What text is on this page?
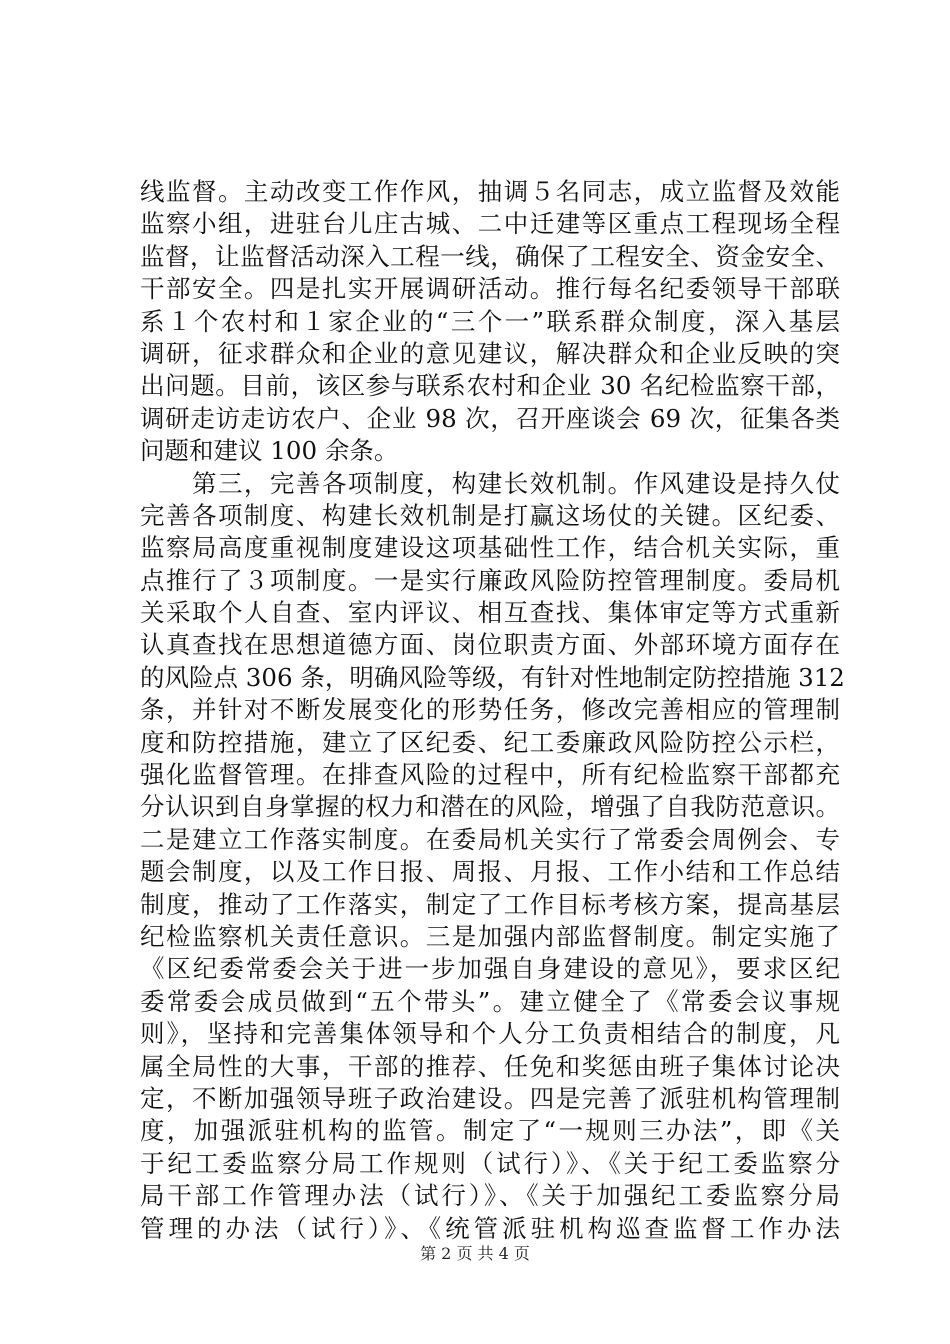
线监督。主动改变工作作风，抽调５名同志，成立监督及效能
监察小组，进驻台儿庄古城、二中迁建等区重点工程现场全程
监督，让监督活动深入工程一线，确保了工程安全、资金安全、
干部安全。四是扎实开展调研活动。推行每名纪委领导干部联
系１个农村和１家企业的“三个一”联系群众制度，深入基层
调研，征求群众和企业的意见建议，解决群众和企业反映的突
出问题。目前，该区参与联系农村和企业 30 名纪检监察干部，
调研走访走访农户、企业 98 次，召开座谈会 69 次，征集各类
问题和建议 100 余条。
　　第三，完善各项制度，构建长效机制。作风建设是持久仗
完善各项制度、构建长效机制是打赢这场仗的关键。区纪委、
监察局高度重视制度建设这项基础性工作，结合机关实际，重
点推行了３项制度。一是实行廉政风险防控管理制度。委局机
关采取个人自查、室内评议、相互查找、集体审定等方式重新
认真查找在思想道德方面、岗位职责方面、外部环境方面存在
的风险点 306 条，明确风险等级，有针对性地制定防控措施 312
条，并针对不断发展变化的形势任务，修改完善相应的管理制
度和防控措施，建立了区纪委、纪工委廉政风险防控公示栏，
强化监督管理。在排查风险的过程中，所有纪检监察干部都充
分认识到自身掌握的权力和潜在的风险，增强了自我防范意识。
二是建立工作落实制度。在委局机关实行了常委会周例会、专
题会制度，以及工作日报、周报、月报、工作小结和工作总结
制度，推动了工作落实，制定了工作目标考核方案，提高基层
纪检监察机关责任意识。三是加强内部监督制度。制定实施了
《区纪委常委会关于进一步加强自身建设的意见》，要求区纪
委常委会成员做到“五个带头”。建立健全了《常委会议事规
则》，坚持和完善集体领导和个人分工负责相结合的制度，凡
属全局性的大事，干部的推荐、任免和奖惩由班子集体讨论决
定，不断加强领导班子政治建设。四是完善了派驻机构管理制
度，加强派驻机构的监管。制定了“一规则三办法”，即《关
于纪工委监察分局工作规则（试行）》、《关于纪工委监察分
局干部工作管理办法（试行）》、《关于加强纪工委监察分局
管理的办法（试行）》、《统管派驻机构巡查监督工作办法
第 2 页 共 4 页
